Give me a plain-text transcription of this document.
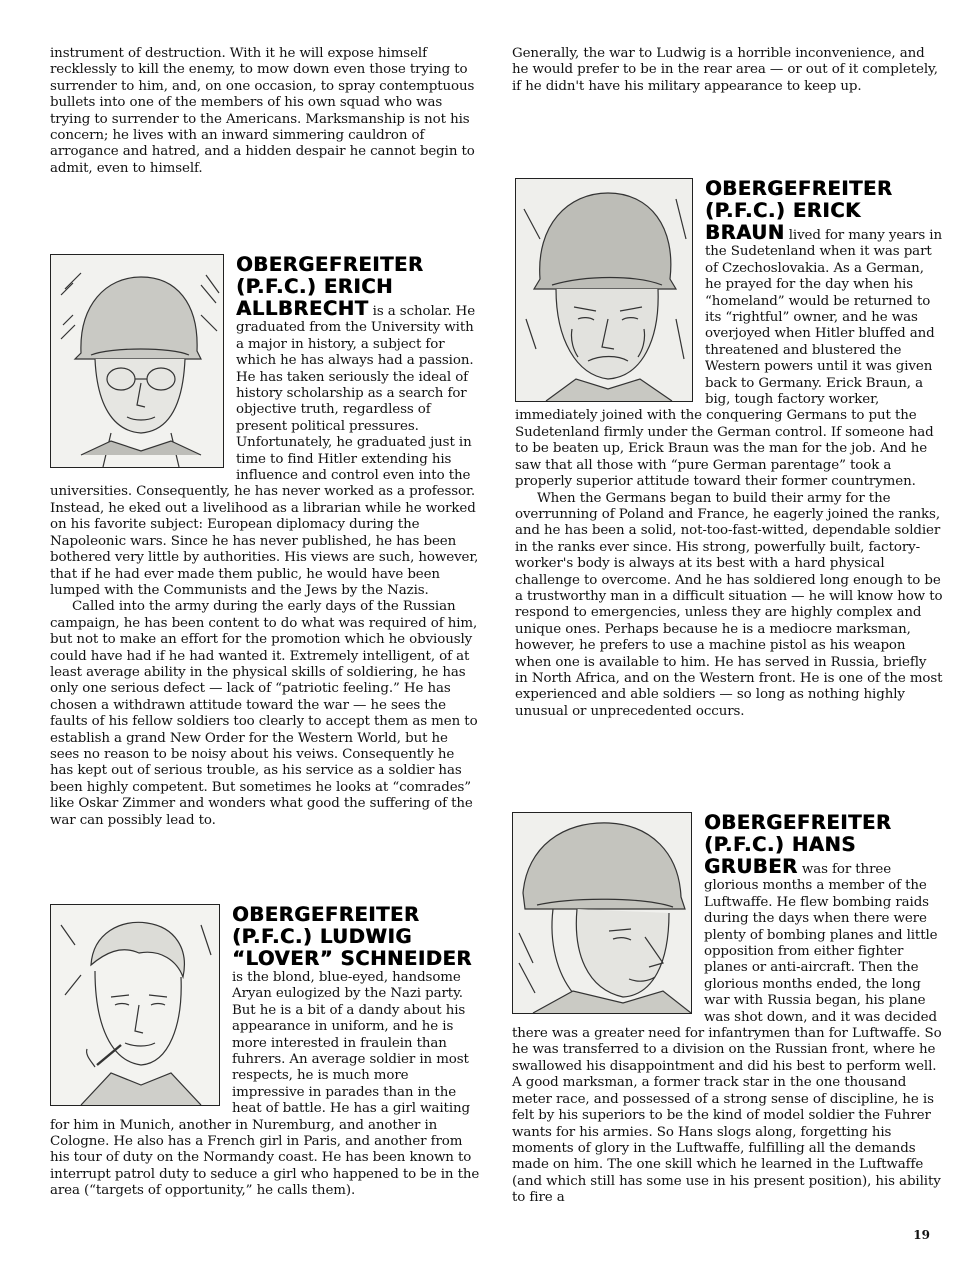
instrument of destruction. With it he will expose himself recklessly to kill the enemy, to mow down even those trying to surrender to him, and, on one occasion, to spray contemptuous bullets into one of the members of his own squad who was trying to surrender to the Americans. Marksmanship is not his concern; he lives with an inward simmering cauldron of arrogance and hatred, and a hidden despair he cannot begin to admit, even to himself.

OBERGEFREITER
(P.F.C.) ERICH

ALLBRECHT is a scholar. He graduated from the University with a major in history, a subject for which he has always had a passion. He has taken seriously the ideal of history scholarship as a search for objective truth, regardless of present political pressures. Unfortunately, he graduated just in time to find Hitler extending his influence and control even into the universities. Consequently, he has never worked as a professor. Instead, he eked out a livelihood as a librarian while he worked on his favorite subject: European diplomacy during the Napoleonic wars. Since he has never published, he has been bothered very little by authorities. His views are such, however, that if he had ever made them public, he would have been lumped with the Communists and the Jews by the Nazis.

Called into the army during the early days of the Russian campaign, he has been content to do what was required of him, but not to make an effort for the promotion which he obviously could have had if he had wanted it. Extremely intelligent, of at least average ability in the physical skills of soldiering, he has only one serious defect — lack of “patriotic feeling.” He has chosen a withdrawn attitude toward the war — he sees the faults of his fellow soldiers too clearly to accept them as men to establish a grand New Order for the Western World, but he sees no reason to be noisy about his veiws. Consequently he has kept out of serious trouble, as his service as a soldier has been highly competent. But sometimes he looks at “comrades” like Oskar Zimmer and wonders what good the suffering of the war can possibly lead to.

OBERGEFREITER
(P.F.C.) LUDWIG
“LOVER” SCHNEIDER

is the blond, blue-eyed, handsome Aryan eulogized by the Nazi party. But he is a bit of a dandy about his appearance in uniform, and he is more interested in fraulein than fuhrers. An average soldier in most respects, he is much more impressive in parades than in the heat of battle. He has a girl waiting for him in Munich, another in Nuremburg, and another in Cologne. He also has a French girl in Paris, and another from his tour of duty on the Normandy coast. He has been known to interrupt patrol duty to seduce a girl who happened to be in the area (“targets of opportunity,” he calls them).

Generally, the war to Ludwig is a horrible inconvenience, and he would prefer to be in the rear area — or out of it completely, if he didn't have his military appearance to keep up.

OBERGEFREITER
(P.F.C.) ERICK

BRAUN lived for many years in the Sudetenland when it was part of Czechoslovakia. As a German, he prayed for the day when his “homeland” would be returned to its “rightful” owner, and he was overjoyed when Hitler bluffed and threatened and blustered the Western powers until it was given back to Germany. Erick Braun, a big, tough factory worker, immediately joined with the conquering Germans to put the Sudetenland firmly under the German control. If someone had to be beaten up, Erick Braun was the man for the job. And he saw that all those with “pure German parentage” took a properly superior attitude toward their former countrymen.

When the Germans began to build their army for the overrunning of Poland and France, he eagerly joined the ranks, and he has been a solid, not-too-fast-witted, dependable soldier in the ranks ever since. His strong, powerfully built, factory-worker's body is always at its best with a hard physical challenge to overcome. And he has soldiered long enough to be a trustworthy man in a difficult situation — he will know how to respond to emergencies, unless they are highly complex and unique ones. Perhaps because he is a mediocre marksman, however, he prefers to use a machine pistol as his weapon when one is available to him. He has served in Russia, briefly in North Africa, and on the Western front. He is one of the most experienced and able soldiers — so long as nothing highly unusual or unprecedented occurs.

OBERGEFREITER
(P.F.C.) HANS

GRUBER was for three glorious months a member of the Luftwaffe. He flew bombing raids during the days when there were plenty of bombing planes and little opposition from either fighter planes or anti-aircraft. Then the glorious months ended, the long war with Russia began, his plane was shot down, and it was decided there was a greater need for infantrymen than for Luftwaffe. So he was transferred to a division on the Russian front, where he swallowed his disappointment and did his best to perform well. A good marksman, a former track star in the one thousand meter race, and possessed of a strong sense of discipline, he is felt by his superiors to be the kind of model soldier the Fuhrer wants for his armies. So Hans slogs along, forgetting his moments of glory in the Luftwaffe, fulfilling all the demands made on him. The one skill which he learned in the Luftwaffe (and which still has some use in his present position), his ability to fire a

19
